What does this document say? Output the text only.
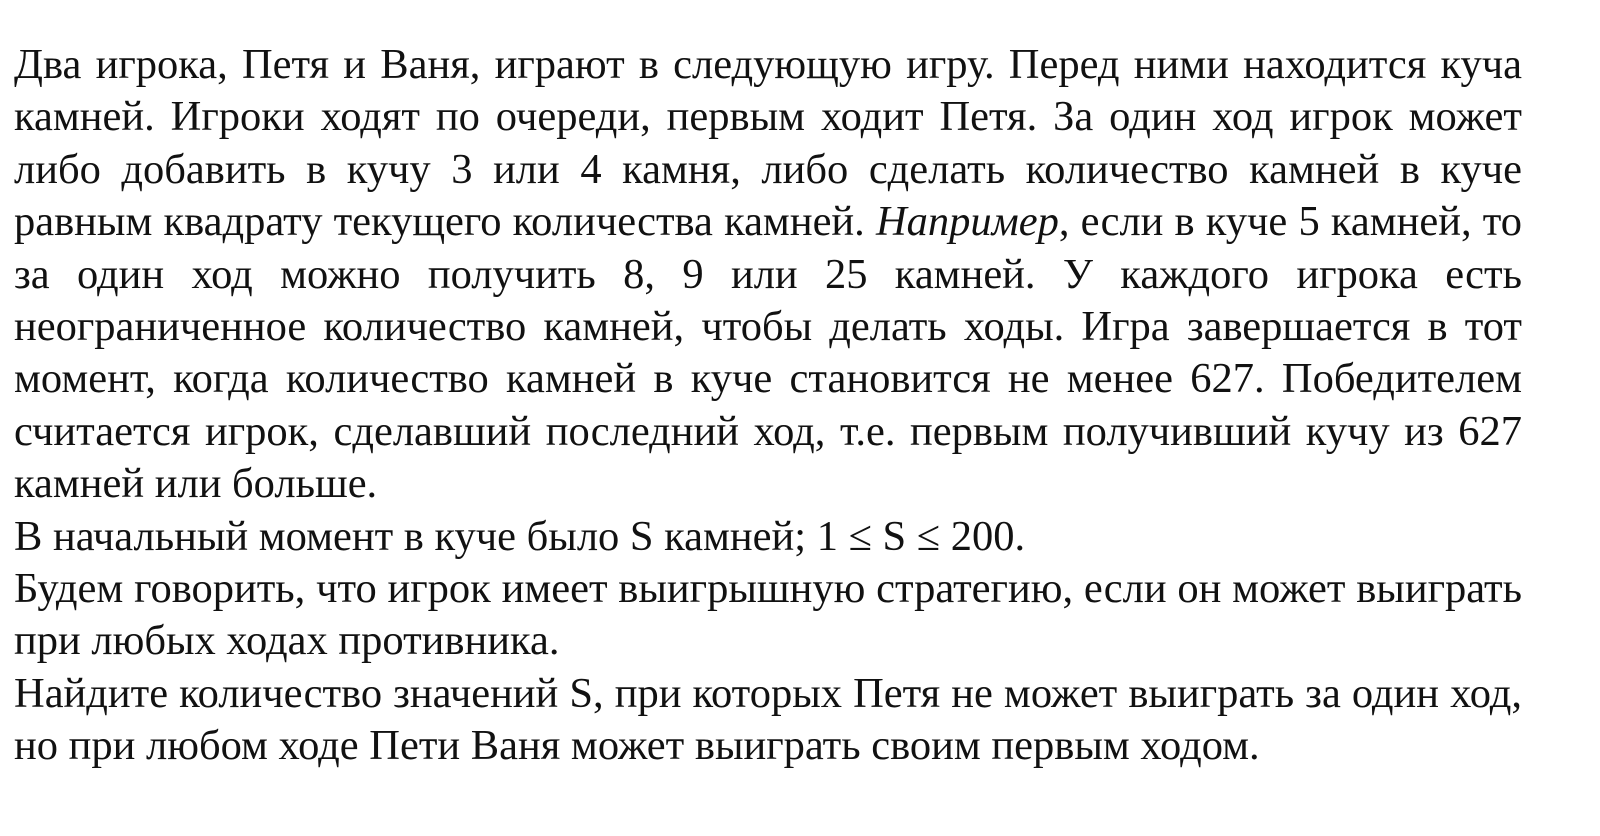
Два игрока, Петя и Ваня, играют в следующую игру. Перед ними находится куча камней. Игроки ходят по очереди, первым ходит Петя. За один ход игрок может либо добавить в кучу 3 или 4 камня, либо сделать количество камней в куче равным квадрату текущего количества камней. Например, если в куче 5 камней, то за один ход можно получить 8, 9 или 25 камней. У каждого игрока есть неограниченное количество камней, чтобы делать ходы. Игра завершается в тот момент, когда количество камней в куче становится не менее 627. Победителем считается игрок, сделавший последний ход, т.е. первым получивший кучу из 627 камней или больше.

В начальный момент в куче было S камней; 1 ≤ S ≤ 200.

Будем говорить, что игрок имеет выигрышную стратегию, если он может выиграть при любых ходах противника.

Найдите количество значений S, при которых Петя не может выиграть за один ход, но при любом ходе Пети Ваня может выиграть своим первым ходом.
